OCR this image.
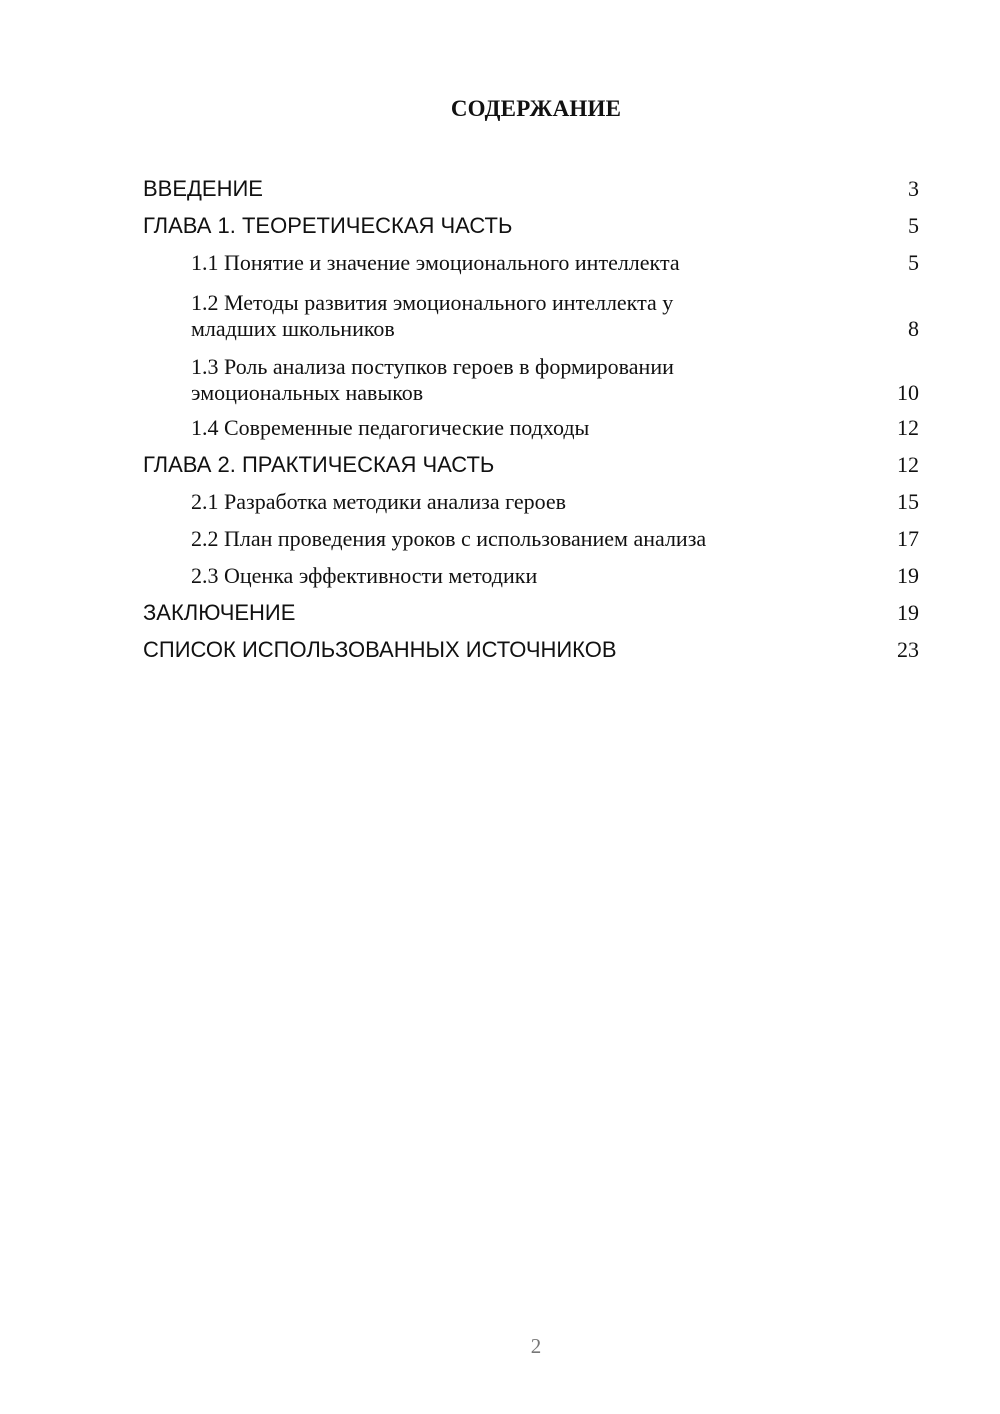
СОДЕРЖАНИЕ
ВВЕДЕНИЕ	3
ГЛАВА 1. ТЕОРЕТИЧЕСКАЯ ЧАСТЬ	5
1.1 Понятие и значение эмоционального интеллекта	5
1.2 Методы развития эмоционального интеллекта у
младших школьников	8
1.3 Роль анализа поступков героев в формировании
эмоциональных навыков	10
1.4 Современные педагогические подходы	12
ГЛАВА 2. ПРАКТИЧЕСКАЯ ЧАСТЬ	12
2.1 Разработка методики анализа героев	15
2.2 План проведения уроков с использованием анализа	17
2.3 Оценка эффективности методики	19
ЗАКЛЮЧЕНИЕ	19
СПИСОК ИСПОЛЬЗОВАННЫХ ИСТОЧНИКОВ	23
2
